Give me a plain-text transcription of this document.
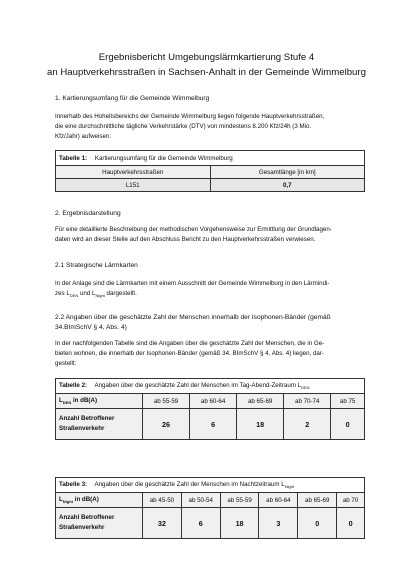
Ergebnisbericht Umgebungslärmkartierung Stufe 4
an Hauptverkehrsstraßen in Sachsen-Anhalt in der Gemeinde Wimmelburg
1. Kartierungsumfang für die Gemeinde Wimmelburg
Innerhalb des Hoheitsbereichs der Gemeinde Wimmelburg liegen folgende Hauptverkehrsstraßen,
die eine durchschnittliche tägliche Verkehrstärke (DTV) von mindestens 8.200 Kfz/24h (3 Mio.
Kfz/Jahr) aufweisen:
Tabelle 1: Kartierungsumfang für die Gemeinde Wimmelburg	
Hauptverkehrsstraßen	Gesamtlänge [in km]
L151	0,7
2. Ergebnisdarstellung
Für eine detaillierte Beschreibung der methodischen Vorgehensweise zur Ermittlung der Grundlagen-
daten wird an dieser Stelle auf den Abschluss Bericht zu den Hauptverkehrsstraßen verwiesen.
2.1 Strategische Lärmkarten
In der Anlage sind die Lärmkarten mit einem Ausschnitt der Gemeinde Wimmelburg in den Lärmindi-
zes $L_{DEN}$ und $L_{Night}$ dargestellt.
2.2 Angaben über die geschätzte Zahl der Menschen innerhalb der Isophonen-Bänder (gemäß
34.BImSchV § 4, Abs. 4)
In der nachfolgenden Tabelle sind die Angaben über die geschätzte Zahl der Menschen, die in Ge-
bieten wohnen, die innerhalb der Isophonen-Bänder (gemäß 34. BImSchV § 4, Abs. 4) liegen, dar-
gestellt:
Tabelle 2: Angaben über die geschätzte Zahl der Menschen im Tag-Abend-Zeitraum $L_{DEN}$
$L_{DEN}$ in dB(A)	ab 55-59	ab 60-64	ab 65-69	ab 70-74	ab 75

Anzahl Betroffener
Straßenverkehr	26	6	18	2	0
Tabelle 3: Angaben über die geschätzte Zahl der Menschen im Nachtzeitraum $L_{Night}$
$L_{Night}$ in dB(A)	ab 45-50	ab 50-54	ab 55-59	ab 60-64	ab 65-69	ab 70

Anzahl Betroffener
Straßenverkehr	32	6	18	3	0	0
